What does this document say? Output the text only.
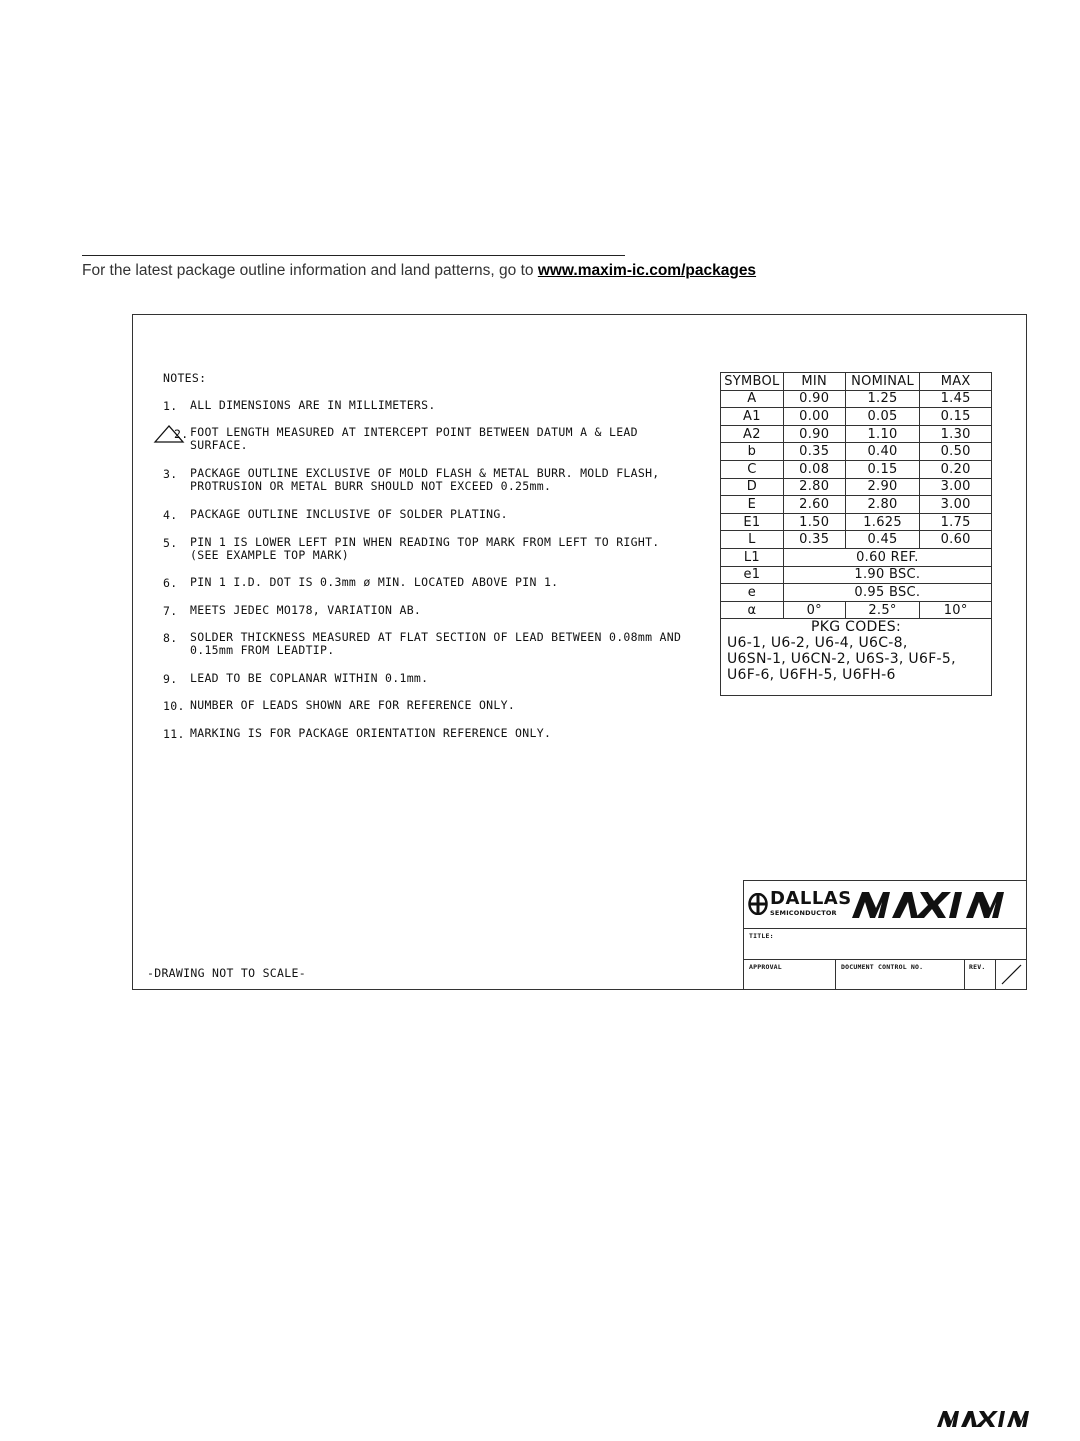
For the latest package outline information and land patterns, go to www.maxim-ic.com/packages
NOTES:
1.	ALL DIMENSIONS ARE IN MILLIMETERS.
2. FOOT LENGTH MEASURED AT INTERCEPT POINT BETWEEN DATUM A & LEAD SURFACE.
3.	PACKAGE OUTLINE EXCLUSIVE OF MOLD FLASH & METAL BURR. MOLD FLASH, PROTRUSION OR METAL BURR SHOULD NOT EXCEED 0.25mm.
4.	PACKAGE OUTLINE INCLUSIVE OF SOLDER PLATING.
5.	PIN 1 IS LOWER LEFT PIN WHEN READING TOP MARK FROM LEFT TO RIGHT. (SEE EXAMPLE TOP MARK)
6.	PIN 1 I.D. DOT IS 0.3mm ø MIN. LOCATED ABOVE PIN 1.
7.	MEETS JEDEC MO178, VARIATION AB.
8.	SOLDER THICKNESS MEASURED AT FLAT SECTION OF LEAD BETWEEN 0.08mm AND 0.15mm FROM LEADTIP.
9.	LEAD TO BE COPLANAR WITHIN 0.1mm.
10. NUMBER OF LEADS SHOWN ARE FOR REFERENCE ONLY.
11. MARKING IS FOR PACKAGE ORIENTATION REFERENCE ONLY.
SYMBOL	MIN	NOMINAL	MAX
A	0.90	1.25	1.45
A1	0.00	0.05	0.15
A2	0.90	1.10	1.30
b	0.35	0.40	0.50
C	0.08	0.15	0.20
D	2.80	2.90	3.00
E	2.60	2.80	3.00
E1	1.50	1.625	1.75
L	0.35	0.45	0.60
L1	0.60 REF.		
e1	1.90 BSC.		
e	0.95 BSC.		
α	0°	2.5°	10°
PKG CODES:
U6-1, U6-2, U6-4, U6C-8,
U6SN-1, U6CN-2, U6S-3, U6F-5,
U6F-6, U6FH-5, U6FH-6
-DRAWING NOT TO SCALE-
DALLAS
SEMICONDUCTOR
TITLE:
APPROVAL	DOCUMENT CONTROL NO.	REV.
